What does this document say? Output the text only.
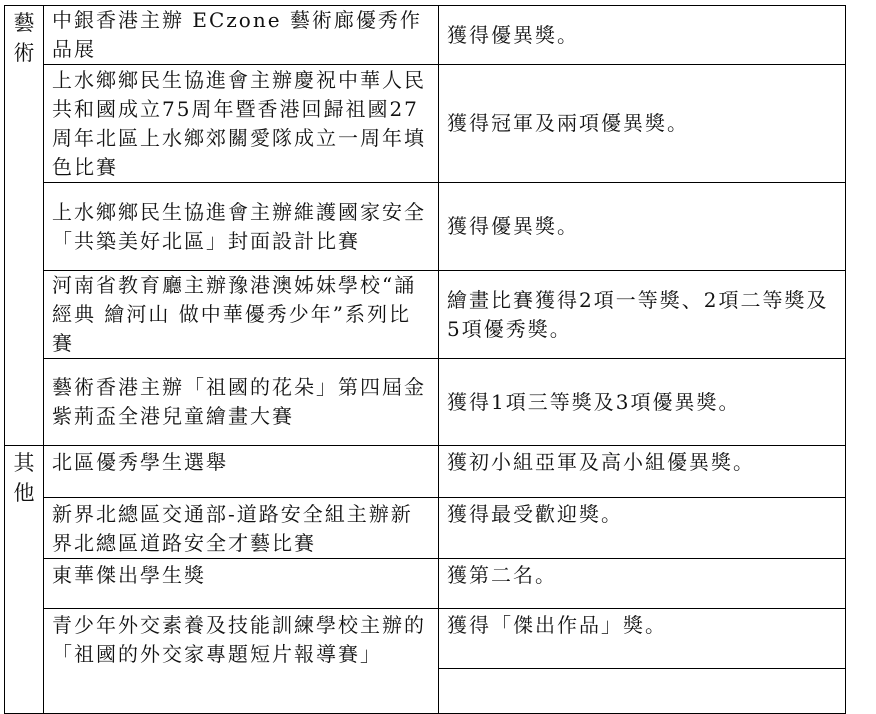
藝
術	中銀香港主辦 ECzone 藝術廊優秀作品展	獲得優異獎。
	上水鄉鄉民生協進會主辦慶祝中華人民共和國成立75周年暨香港回歸祖國27周年北區上水鄉郊關愛隊成立一周年填色比賽	獲得冠軍及兩項優異獎。
	上水鄉鄉民生協進會主辦維護國家安全「共築美好北區」封面設計比賽	獲得優異獎。
	河南省教育廳主辦豫港澳姊妹學校“誦經典 繪河山 做中華優秀少年”系列比賽	繪畫比賽獲得2項一等獎、2項二等獎及5項優秀獎。
	藝術香港主辦「祖國的花朵」第四屆金紫荊盃全港兒童繪畫大賽	獲得1項三等獎及3項優異獎。

其
他	北區優秀學生選舉	獲初小組亞軍及高小組優異獎。
	新界北總區交通部-道路安全組主辦新界北總區道路安全才藝比賽	獲得最受歡迎獎。
	東華傑出學生獎	獲第二名。
	青少年外交素養及技能訓練學校主辦的「祖國的外交家專題短片報導賽」	獲得「傑出作品」獎。
